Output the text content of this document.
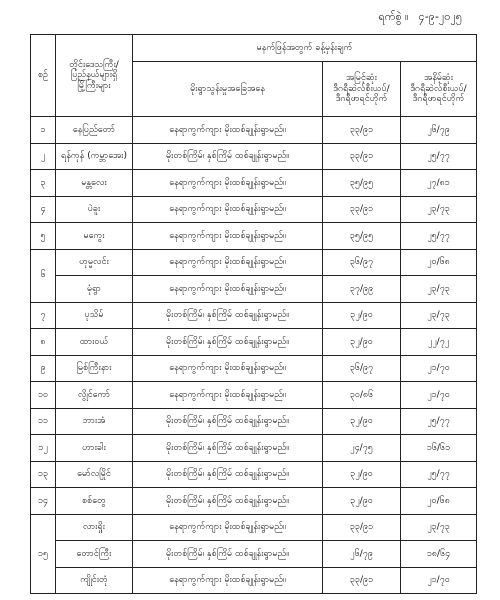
ရက်စွဲ ။ ၄-၉-၂၀၂၅
စဉ်	တိုင်းဒေသကြီး/
ပြည်နယ်များရှိ
မြို့ကြီးများ	မနက်ဖြန်အတွက် ခန့်မှန်းချက်		
		မိုးရွာသွန်းမှုအခြေအနေ	အမြင့်ဆုံး
ဒီဂရီဆဲလ်စီးယပ်/
ဒီဂရီဖာရင်ဟိုက်	အနိမ့်ဆုံး
ဒီဂရီဆဲလ်စီးယပ်/
ဒီဂရီဖာရင်ဟိုက်

၁	နေပြည်တော်	နေရာကွက်ကျား မိုးထစ်ချုန်းရွာမည်။	၃၃/၉၁	၂၆/၇၉
၂	ရန်ကုန် (ကမ္ဘာအေး)	မိုးတစ်ကြိမ်၊ နှစ်ကြိမ် ထစ်ချုန်းရွာမည်။	၃၃/၉၁	၂၅/၇၇
၃	မန္တလေး	နေရာကွက်ကျား မိုးထစ်ချုန်းရွာမည်။	၃၅/၉၅	၂၇/၈၁
၄	ပဲခူး	နေရာကွက်ကျား မိုးထစ်ချုန်းရွာမည်။	၃၃/၉၁	၂၃/၇၃
၅	မကွေး	နေရာကွက်ကျား မိုးထစ်ချုန်းရွာမည်။	၃၅/၉၅	၂၅/၇၇
၆	ဟုမ္မလင်း	နေရာကွက်ကျား မိုးထစ်ချုန်းရွာမည်။	၃၆/၉၇	၂၀/၆၈
	မုံရွာ	နေရာကွက်ကျား မိုးထစ်ချုန်းရွာမည်။	၃၇/၉၉	၂၃/၇၃
၇	ပုသိမ်	မိုးတစ်ကြိမ်၊ နှစ်ကြိမ် ထစ်ချုန်းရွာမည်။	၃၂/၉၀	၂၃/၇၃
၈	ထားဝယ်	မိုးတစ်ကြိမ်၊ နှစ်ကြိမ် ထစ်ချုန်းရွာမည်။	၃၂/၉၀	၂၂/၇၂
၉	မြစ်ကြီးနား	နေရာကွက်ကျား မိုးထစ်ချုန်းရွာမည်။	၃၆/၉၇	၂၁/၇၀
၁၀	လွိုင်ကော်	နေရာကွက်ကျား မိုးထစ်ချုန်းရွာမည်။	၃၀/၈၆	၂၁/၇၀
၁၁	ဘားအံ	မိုးတစ်ကြိမ်၊ နှစ်ကြိမ် ထစ်ချုန်းရွာမည်။	၃၂/၉၀	၂၅/၇၇
၁၂	ဟားခါး	မိုးတစ်ကြိမ်၊ နှစ်ကြိမ် ထစ်ချုန်းရွာမည်။	၂၄/၇၅	၁၆/၆၁
၁၃	မော်လမြိုင်	မိုးတစ်ကြိမ်၊ နှစ်ကြိမ် ထစ်ချုန်းရွာမည်။	၃၂/၉၀	၂၅/၇၇
၁၄	စစ်တွေ	မိုးတစ်ကြိမ်၊ နှစ်ကြိမ် ထစ်ချုန်းရွာမည်။	၃၂/၉၀	၂၀/၆၈
၁၅	လားရှိုး	နေရာကွက်ကျား မိုးထစ်ချုန်းရွာမည်။	၃၃/၉၁	၂၃/၇၃
	တောင်ကြီး	မိုးတစ်ကြိမ်၊ နှစ်ကြိမ် ထစ်ချုန်းရွာမည်။	၂၆/၇၉	၁၈/၆၄
	ကျိုင်းတုံ	နေရာကွက်ကျား မိုးထစ်ချုန်းရွာမည်။	၃၃/၉၁	၂၁/၇၀
